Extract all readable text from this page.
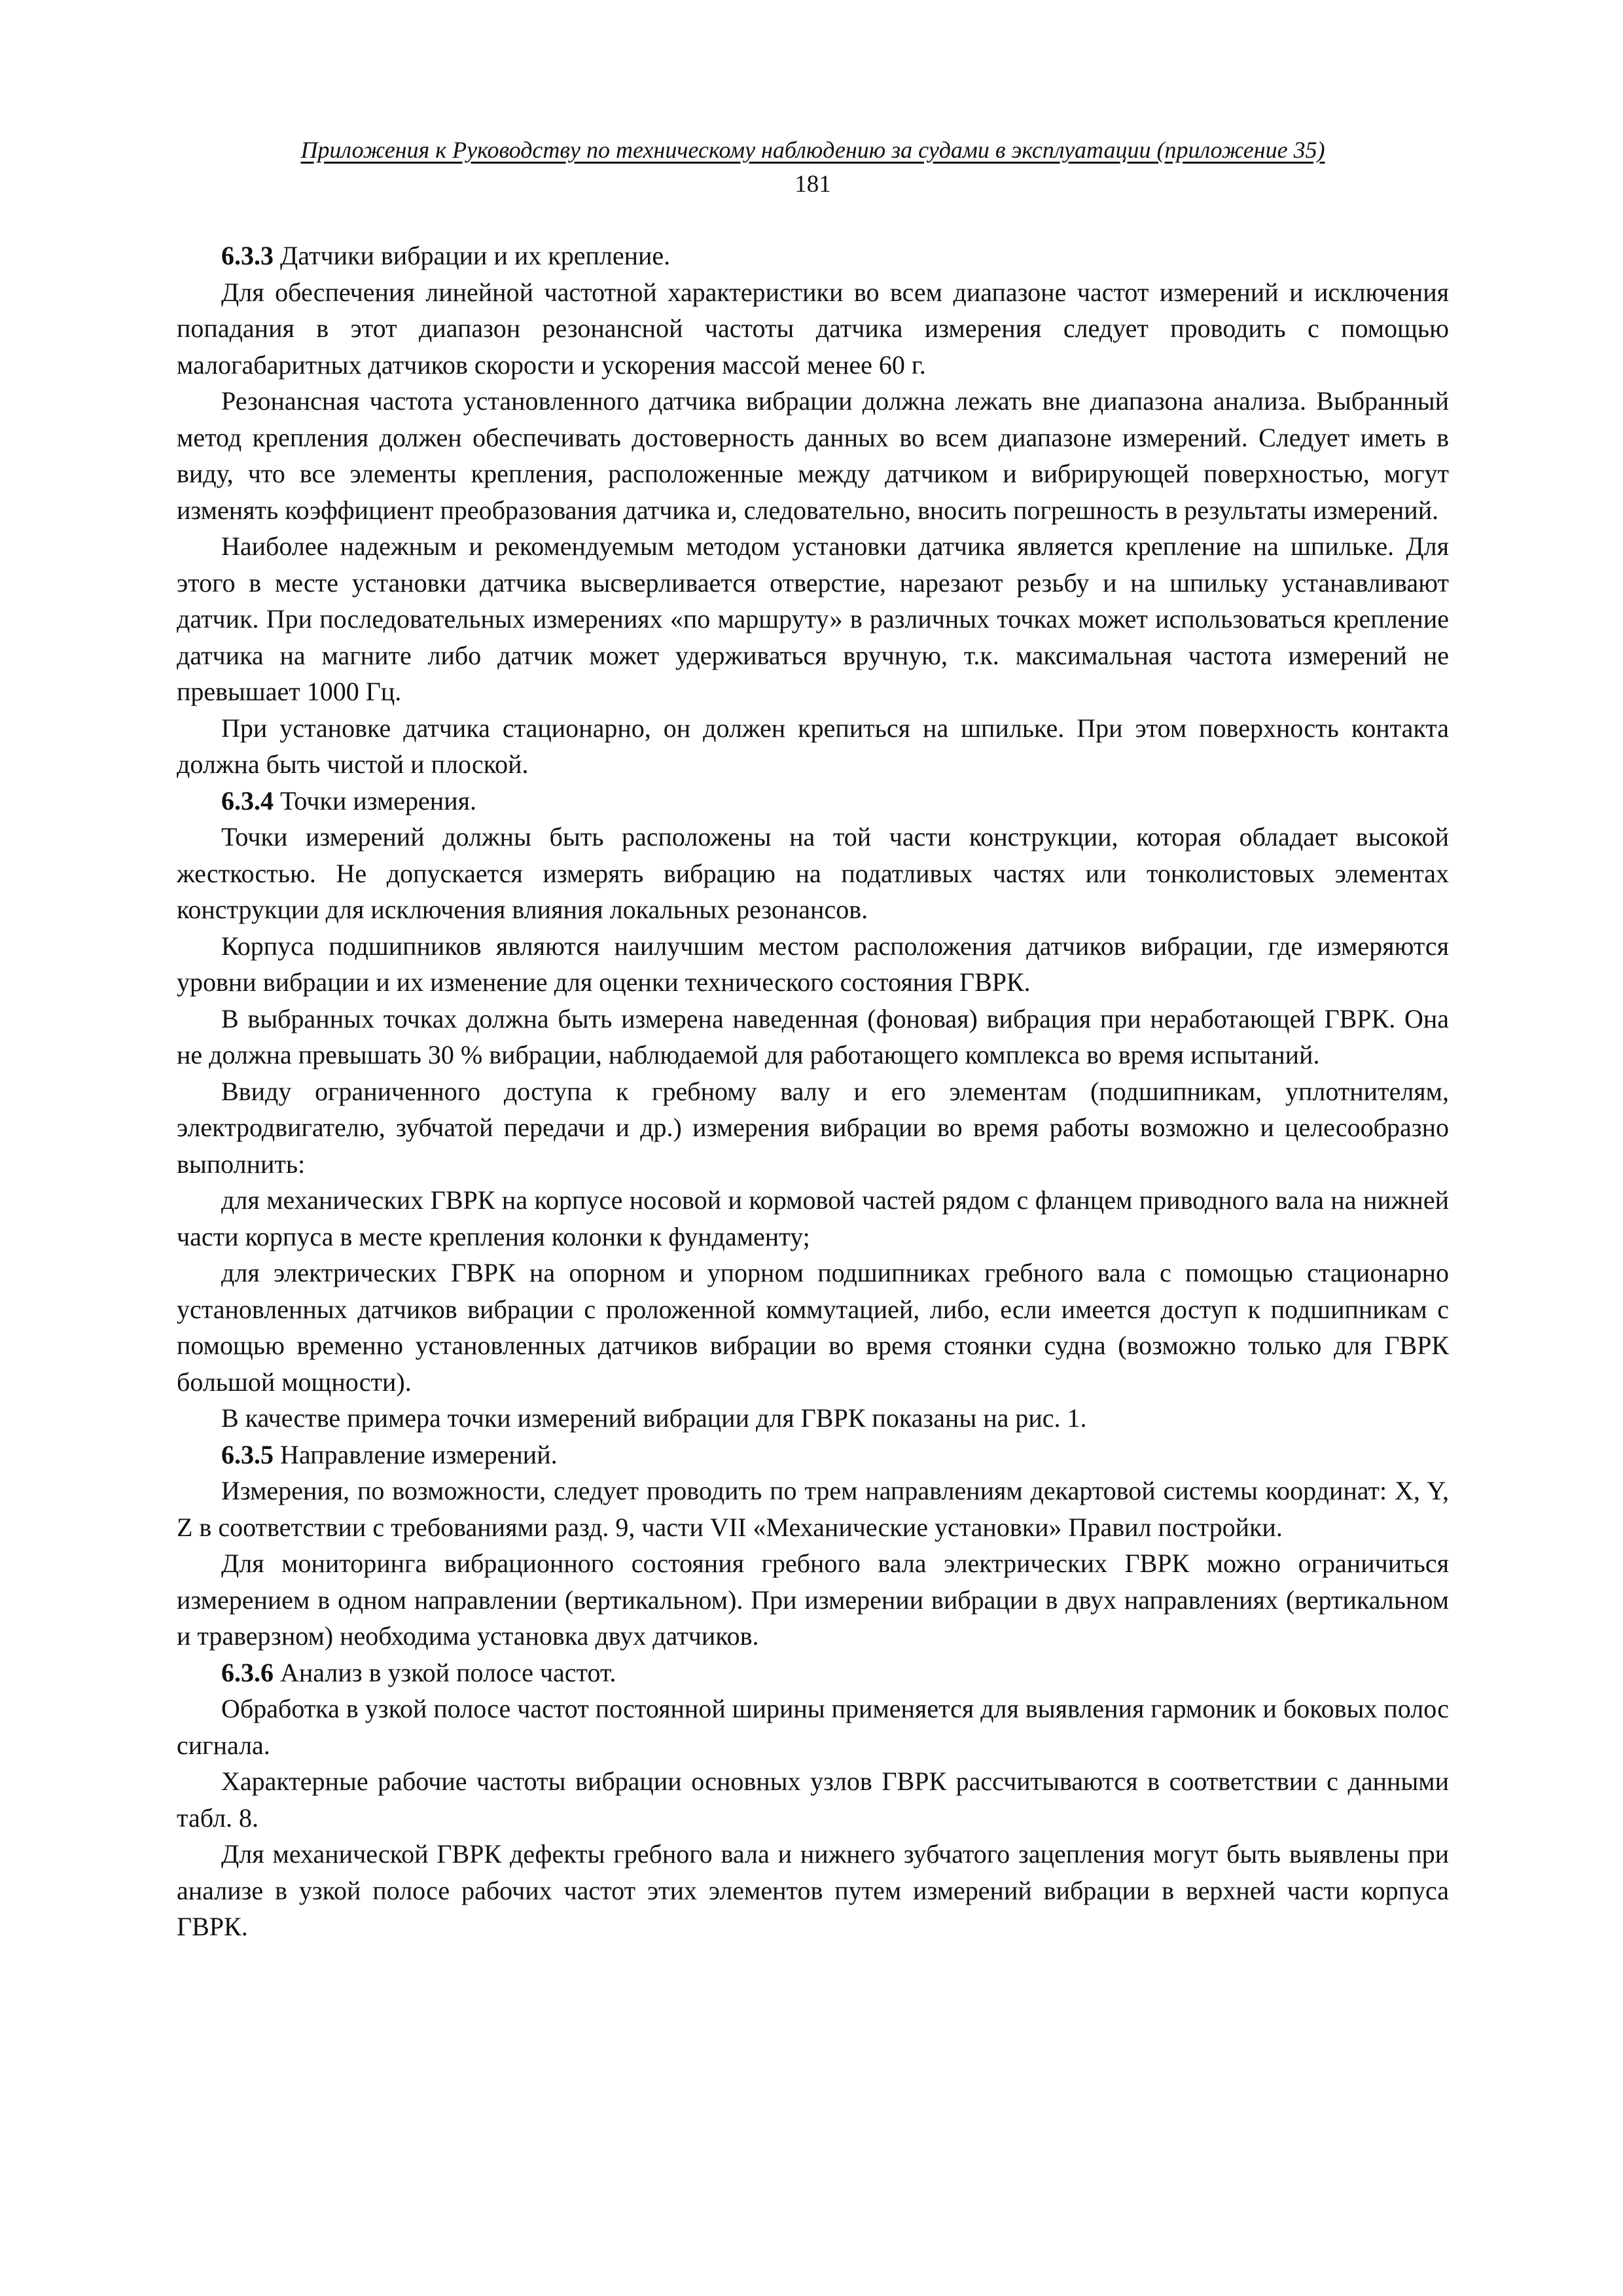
Приложения к Руководству по техническому наблюдению за судами в эксплуатации (приложение 35)

181

6.3.3 Датчики вибрации и их крепление.

Для обеспечения линейной частотной характеристики во всем диапазоне частот измерений и исключения попадания в этот диапазон резонансной частоты датчика измерения следует проводить с помощью малогабаритных датчиков скорости и ускорения массой менее 60 г.

Резонансная частота установленного датчика вибрации должна лежать вне диапазона анализа. Выбранный метод крепления должен обеспечивать достоверность данных во всем диапазоне измерений. Следует иметь в виду, что все элементы крепления, расположенные между датчиком и вибрирующей поверхностью, могут изменять коэффициент преобразования датчика и, следовательно, вносить погрешность в результаты измерений.

Наиболее надежным и рекомендуемым методом установки датчика является крепление на шпильке. Для этого в месте установки датчика высверливается отверстие, нарезают резьбу и на шпильку устанавливают датчик. При последовательных измерениях «по маршруту» в различных точках может использоваться крепление датчика на магните либо датчик может удерживаться вручную, т.к. максимальная частота измерений не превышает 1000 Гц.

При установке датчика стационарно, он должен крепиться на шпильке. При этом поверхность контакта должна быть чистой и плоской.

6.3.4 Точки измерения.

Точки измерений должны быть расположены на той части конструкции, которая обладает высокой жесткостью. Не допускается измерять вибрацию на податливых частях или тонколистовых элементах конструкции для исключения влияния локальных резонансов.

Корпуса подшипников являются наилучшим местом расположения датчиков вибрации, где измеряются уровни вибрации и их изменение для оценки технического состояния ГВРК.

В выбранных точках должна быть измерена наведенная (фоновая) вибрация при неработающей ГВРК. Она не должна превышать 30 % вибрации, наблюдаемой для работающего комплекса во время испытаний.

Ввиду ограниченного доступа к гребному валу и его элементам (подшипникам, уплотнителям, электродвигателю, зубчатой передачи и др.) измерения вибрации во время работы возможно и целесообразно выполнить:

для механических ГВРК на корпусе носовой и кормовой частей рядом с фланцем приводного вала на нижней части корпуса в месте крепления колонки к фундаменту;

для электрических ГВРК на опорном и упорном подшипниках гребного вала с помощью стационарно установленных датчиков вибрации с проложенной коммутацией, либо, если имеется доступ к подшипникам с помощью временно установленных датчиков вибрации во время стоянки судна (возможно только для ГВРК большой мощности).

В качестве примера точки измерений вибрации для ГВРК показаны на рис. 1.

6.3.5 Направление измерений.

Измерения, по возможности, следует проводить по трем направлениям декартовой системы координат: X, Y, Z в соответствии с требованиями разд. 9, части VII «Механические установки» Правил постройки.

Для мониторинга вибрационного состояния гребного вала электрических ГВРК можно ограничиться измерением в одном направлении (вертикальном). При измерении вибрации в двух направлениях (вертикальном и траверзном) необходима установка двух датчиков.

6.3.6 Анализ в узкой полосе частот.

Обработка в узкой полосе частот постоянной ширины применяется для выявления гармоник и боковых полос сигнала.

Характерные рабочие частоты вибрации основных узлов ГВРК рассчитываются в соответствии с данными табл. 8.

Для механической ГВРК дефекты гребного вала и нижнего зубчатого зацепления могут быть выявлены при анализе в узкой полосе рабочих частот этих элементов путем измерений вибрации в верхней части корпуса ГВРК.
